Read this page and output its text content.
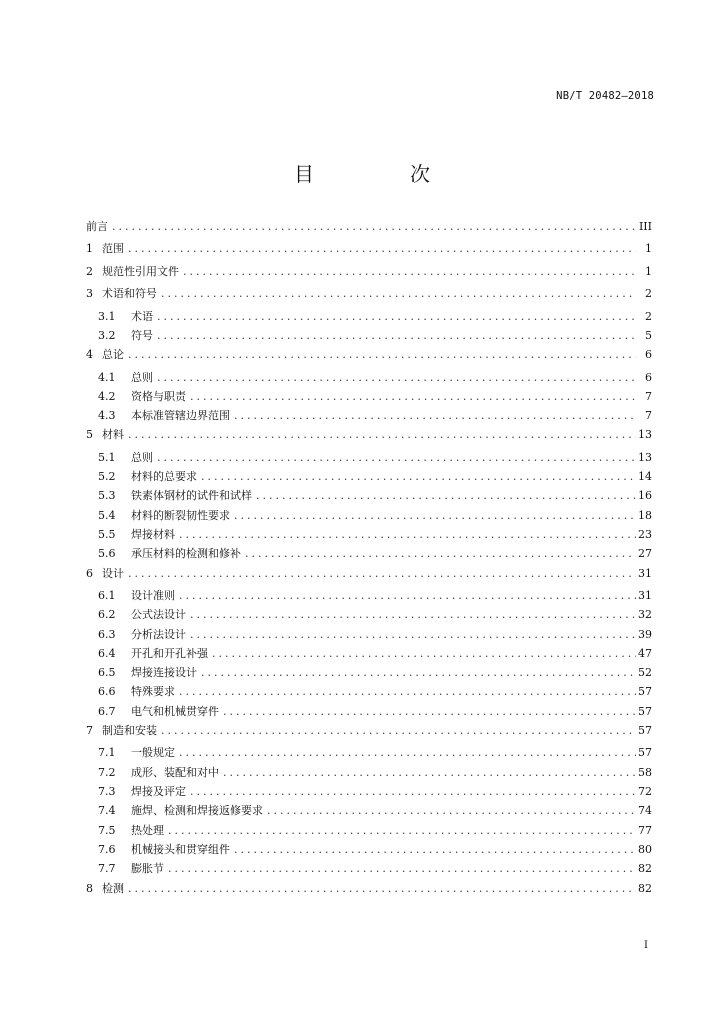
NB/T 20482—2018
目　次
前言 .....	III
1 范围 .....	1
2 规范性引用文件 .....	1
3 术语和符号 .....	2
3.1	术语 .....	2
3.2	符号 .....	5
4 总论 .....	6
4.1	总则 .....	6
4.2	资格与职责 .....	7
4.3	本标准管辖边界范围 .....	7
5 材料 .....	13
5.1	总则 .....	13
5.2	材料的总要求 .....	14
5.3	铁素体钢材的试件和试样 .....	16
5.4	材料的断裂韧性要求 .....	18
5.5	焊接材料 .....	23
5.6	承压材料的检测和修补 .....	27
6 设计 .....	31
6.1	设计准则 .....	31
6.2	公式法设计 .....	32
6.3	分析法设计 .....	39
6.4	开孔和开孔补强 .....	47
6.5	焊接连接设计 .....	52
6.6	特殊要求 .....	57
6.7	电气和机械贯穿件 .....	57
7 制造和安装 .....	57
7.1	一般规定 .....	57
7.2	成形、装配和对中 .....	58
7.3	焊接及评定 .....	72
7.4	施焊、检测和焊接返修要求 .....	74
7.5	热处理 .....	77
7.6	机械接头和贯穿组件 .....	80
7.7	膨胀节 .....	82
8 检测 .....	82
I
